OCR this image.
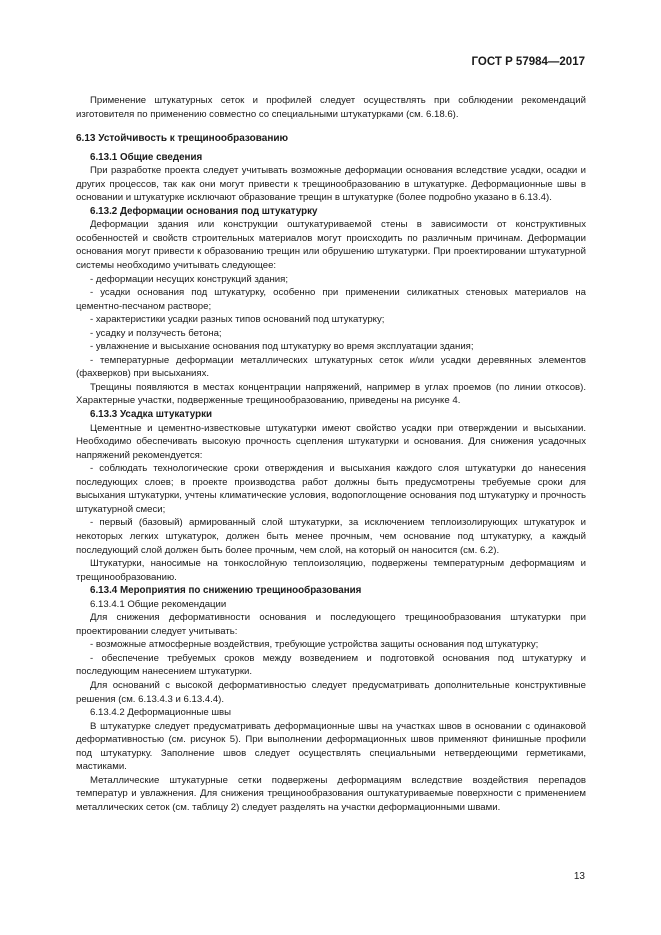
ГОСТ Р 57984—2017

Применение штукатурных сеток и профилей следует осуществлять при соблюдении рекомендаций изготовителя по применению совместно со специальными штукатурками (см. 6.18.6).

6.13 Устойчивость к трещинообразованию
6.13.1 Общие сведения

При разработке проекта следует учитывать возможные деформации основания вследствие усадки, осадки и других процессов, так как они могут привести к трещинообразованию в штукатурке. Деформационные швы в основании и штукатурке исключают образование трещин в штукатурке (более подробно указано в 6.13.4).

6.13.2 Деформации основания под штукатурку

Деформации здания или конструкции оштукатуриваемой стены в зависимости от конструктивных особенностей и свойств строительных материалов могут происходить по различным причинам. Деформации основания могут привести к образованию трещин или обрушению штукатурки. При проектировании штукатурной системы необходимо учитывать следующее:

- деформации несущих конструкций здания;

- усадки основания под штукатурку, особенно при применении силикатных стеновых материалов на цементно-песчаном растворе;

- характеристики усадки разных типов оснований под штукатурку;

- усадку и ползучесть бетона;

- увлажнение и высыхание основания под штукатурку во время эксплуатации здания;

- температурные деформации металлических штукатурных сеток и/или усадки деревянных элементов (фахверков) при высыханиях.

Трещины появляются в местах концентрации напряжений, например в углах проемов (по линии откосов). Характерные участки, подверженные трещинообразованию, приведены на рисунке 4.

6.13.3 Усадка штукатурки

Цементные и цементно-известковые штукатурки имеют свойство усадки при отверждении и высыхании. Необходимо обеспечивать высокую прочность сцепления штукатурки и основания. Для снижения усадочных напряжений рекомендуется:

- соблюдать технологические сроки отверждения и высыхания каждого слоя штукатурки до нанесения последующих слоев; в проекте производства работ должны быть предусмотрены требуемые сроки для высыхания штукатурки, учтены климатические условия, водопоглощение основания под штукатурку и прочность штукатурной смеси;

- первый (базовый) армированный слой штукатурки, за исключением теплоизолирующих штукатурок и некоторых легких штукатурок, должен быть менее прочным, чем основание под штукатурку, а каждый последующий слой должен быть более прочным, чем слой, на который он наносится (см. 6.2).

Штукатурки, наносимые на тонкослойную теплоизоляцию, подвержены температурным деформациям и трещинообразованию.

6.13.4 Мероприятия по снижению трещинообразования
6.13.4.1 Общие рекомендации

Для снижения деформативности основания и последующего трещинообразования штукатурки при проектировании следует учитывать:

- возможные атмосферные воздействия, требующие устройства защиты основания под штукатурку;

- обеспечение требуемых сроков между возведением и подготовкой основания под штукатурку и последующим нанесением штукатурки.

Для оснований с высокой деформативностью следует предусматривать дополнительные конструктивные решения (см. 6.13.4.3 и 6.13.4.4).

6.13.4.2 Деформационные швы

В штукатурке следует предусматривать деформационные швы на участках швов в основании с одинаковой деформативностью (см. рисунок 5). При выполнении деформационных швов применяют финишные профили под штукатурку. Заполнение швов следует осуществлять специальными нетвердеющими герметиками, мастиками.

Металлические штукатурные сетки подвержены деформациям вследствие воздействия перепадов температур и увлажнения. Для снижения трещинообразования оштукатуриваемые поверхности с применением металлических сеток (см. таблицу 2) следует разделять на участки деформационными швами.

13
